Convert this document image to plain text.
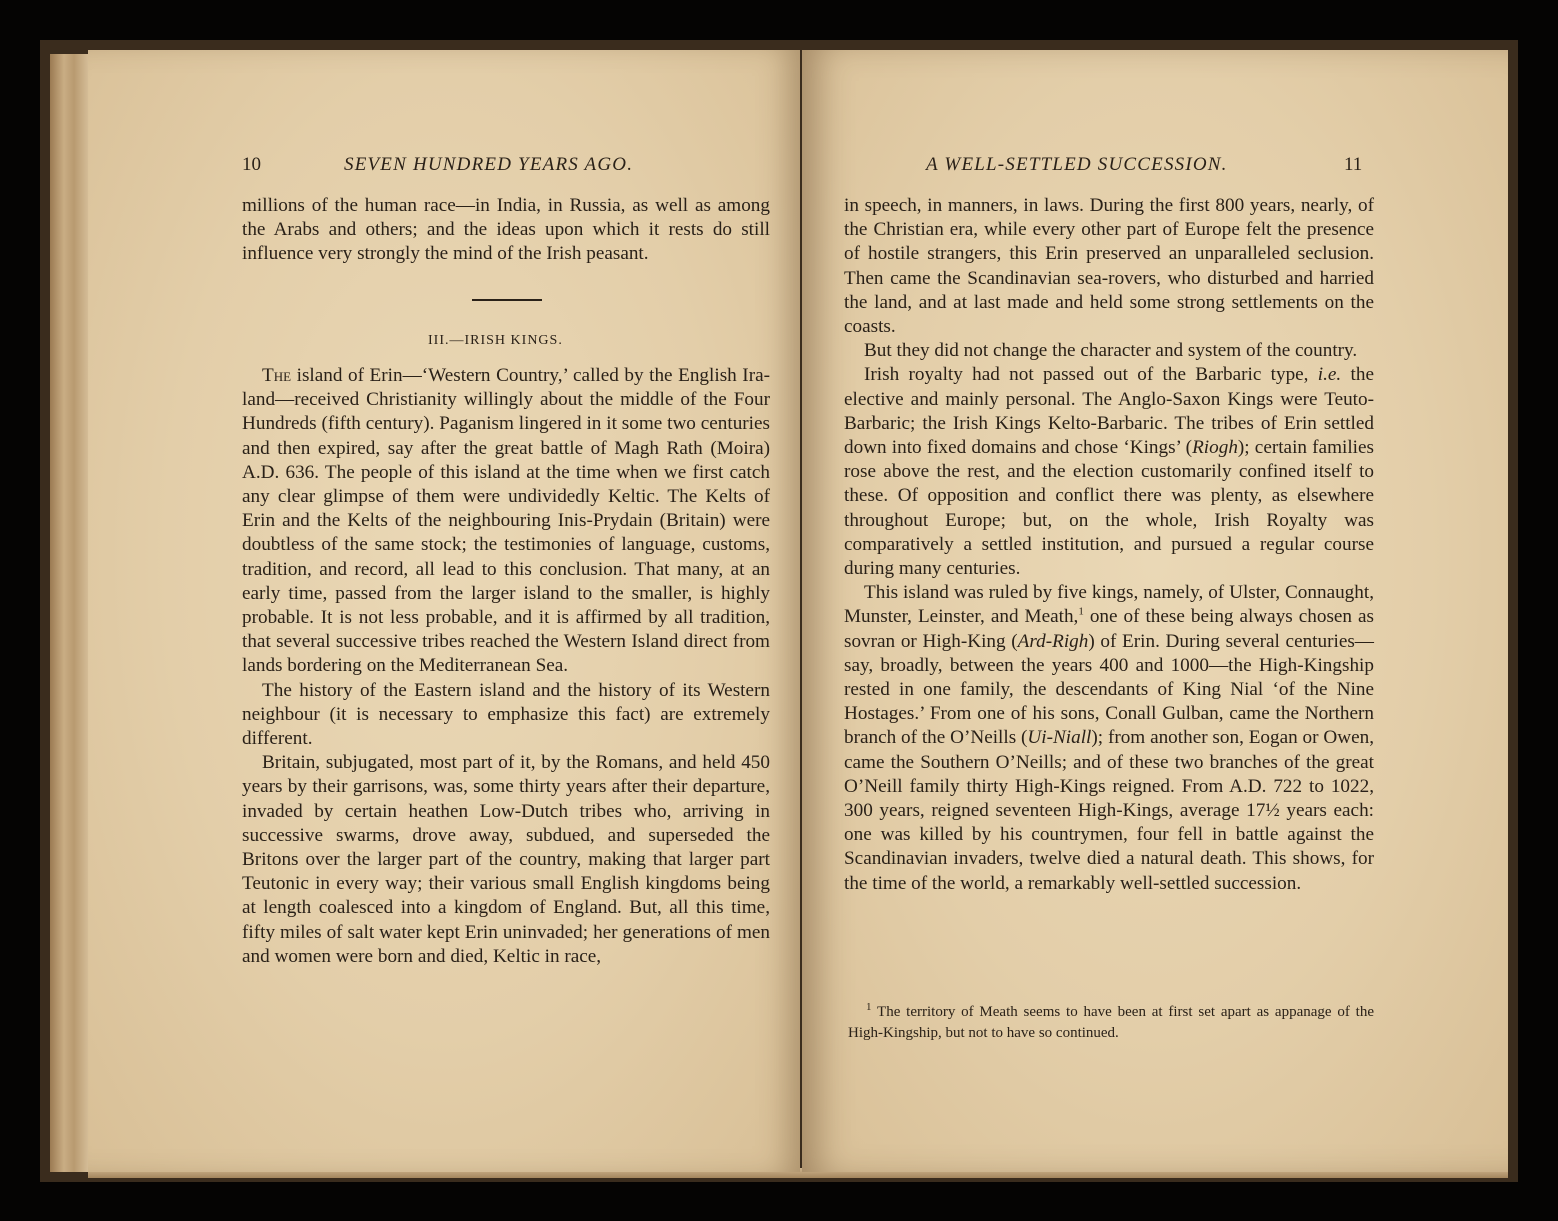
10	SEVEN HUNDRED YEARS AGO.

millions of the human race—in India, in Russia, as well as among the Arabs and others; and the ideas upon which it rests do still influence very strongly the mind of the Irish peasant.

III.—IRISH KINGS.

The island of Erin—‘Western Country,’ called by the English Ira-land—received Christianity willingly about the middle of the Four Hundreds (fifth century). Paganism lingered in it some two centuries and then expired, say after the great battle of Magh Rath (Moira) A.D. 636. The people of this island at the time when we first catch any clear glimpse of them were undividedly Keltic. The Kelts of Erin and the Kelts of the neighbouring Inis-Prydain (Britain) were doubtless of the same stock; the testimonies of language, customs, tradition, and record, all lead to this conclusion. That many, at an early time, passed from the larger island to the smaller, is highly probable. It is not less probable, and it is affirmed by all tradition, that several successive tribes reached the Western Island direct from lands bordering on the Mediterranean Sea.

The history of the Eastern island and the history of its Western neighbour (it is necessary to emphasize this fact) are extremely different.

Britain, subjugated, most part of it, by the Romans, and held 450 years by their garrisons, was, some thirty years after their departure, invaded by certain heathen Low-Dutch tribes who, arriving in successive swarms, drove away, subdued, and superseded the Britons over the larger part of the country, making that larger part Teutonic in every way; their various small English kingdoms being at length coalesced into a kingdom of England. But, all this time, fifty miles of salt water kept Erin uninvaded; her generations of men and women were born and died, Keltic in race,

A WELL-SETTLED SUCCESSION.	11

in speech, in manners, in laws. During the first 800 years, nearly, of the Christian era, while every other part of Europe felt the presence of hostile strangers, this Erin preserved an unparalleled seclusion. Then came the Scandinavian sea-rovers, who disturbed and harried the land, and at last made and held some strong settlements on the coasts.

But they did not change the character and system of the country.

Irish royalty had not passed out of the Barbaric type, i.e. the elective and mainly personal. The Anglo-Saxon Kings were Teuto-Barbaric; the Irish Kings Kelto-Barbaric. The tribes of Erin settled down into fixed domains and chose ‘Kings’ (Riogh); certain families rose above the rest, and the election customarily confined itself to these. Of opposition and conflict there was plenty, as elsewhere throughout Europe; but, on the whole, Irish Royalty was comparatively a settled institution, and pursued a regular course during many centuries.

This island was ruled by five kings, namely, of Ulster, Connaught, Munster, Leinster, and Meath,$^1$ one of these being always chosen as sovran or High-King (Ard-Righ) of Erin. During several centuries—say, broadly, between the years 400 and 1000—the High-Kingship rested in one family, the descendants of King Nial ‘of the Nine Hostages.’ From one of his sons, Conall Gulban, came the Northern branch of the O’Neills (Ui-Niall); from another son, Eogan or Owen, came the Southern O’Neills; and of these two branches of the great O’Neill family thirty High-Kings reigned. From A.D. 722 to 1022, 300 years, reigned seventeen High-Kings, average 17½ years each: one was killed by his countrymen, four fell in battle against the Scandinavian invaders, twelve died a natural death. This shows, for the time of the world, a remarkably well-settled succession.

$^1$ The territory of Meath seems to have been at first set apart as appanage of the High-Kingship, but not to have so continued.
